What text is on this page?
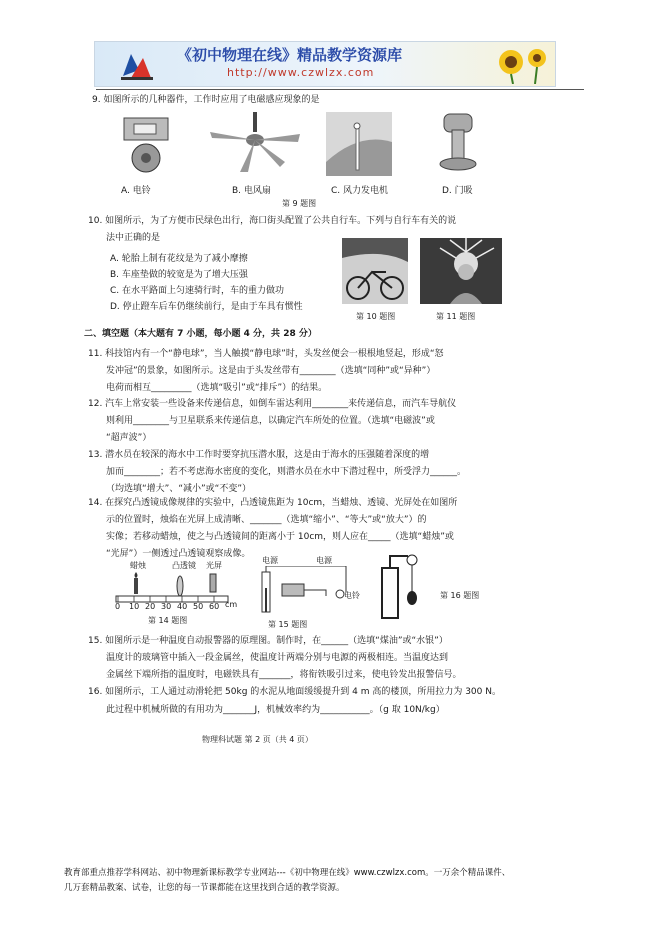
《初中物理在线》精品教学资源库
http://www.czwlzx.com
9. 如图所示的几种器件，工作时应用了电磁感应现象的是
A. 电铃	B. 电风扇	C. 风力发电机	D. 门吸
第 9 题图
10. 如图所示，为了方便市民绿色出行，海口街头配置了公共自行车。下列与自行车有关的说
法中正确的是
A. 轮胎上制有花纹是为了减小摩擦
B. 车座垫做的较宽是为了增大压强
C. 在水平路面上匀速骑行时，车的重力做功
D. 停止蹬车后车仍继续前行，是由于车具有惯性
第 10 题图	第 11 题图
二、填空题（本大题有 7 小题，每小题 4 分，共 28 分）
11. 科技馆内有一个“静电球”，当人触摸“静电球”时，头发丝便会一根根地竖起，形成“怒
发冲冠”的景象，如图所示。这是由于头发丝带有________（选填“同种”或“异种”）
电荷而相互_________（选填“吸引”或“排斥”）的结果。
12. 汽车上常安装一些设备来传递信息，如倒车雷达利用________来传递信息，而汽车导航仪
则利用________与卫星联系来传递信息，以确定汽车所处的位置。（选填“电磁波”或
“超声波”）
13. 潜水员在较深的海水中工作时要穿抗压潜水服，这是由于海水的压强随着深度的增
加而________；若不考虑海水密度的变化，则潜水员在水中下潜过程中，所受浮力______。
（均选填“增大”、“减小”或“不变”）
14. 在探究凸透镜成像规律的实验中，凸透镜焦距为 10cm，当蜡烛、透镜、光屏处在如图所
示的位置时，烛焰在光屏上成清晰、_______（选填“缩小”、“等大”或“放大”）的
实像；若移动蜡烛，使之与凸透镜间的距离小于 10cm，则人应在_____（选填“蜡烛”或
“光屏”）一侧透过凸透镜观察成像。
蜡烛	凸透镜 光屏
0 10 20 30 40 50 60 cm
第 14 题图
电源	电源
电铃
第 15 题图
第 16 题图
15. 如图所示是一种温度自动报警器的原理图。制作时，在______（选填“煤油”或“水银”）
温度计的玻璃管中插入一段金属丝，使温度计两端分别与电源的两极相连。当温度达到
金属丝下端所指的温度时，电磁铁具有_______，将衔铁吸引过来，使电铃发出报警信号。
16. 如图所示，工人通过动滑轮把 50kg 的水泥从地面缓缓提升到 4 m 高的楼顶，所用拉力为 300 N。
此过程中机械所做的有用功为_______J，机械效率约为___________。（g 取 10N/kg）
物理科试题 第 2 页（共 4 页）
教育部重点推荐学科网站、初中物理新课标教学专业网站---《初中物理在线》www.czwlzx.com。一万余个精品课件、
几万套精品教案、试卷，让您的每一节课都能在这里找到合适的教学资源。
